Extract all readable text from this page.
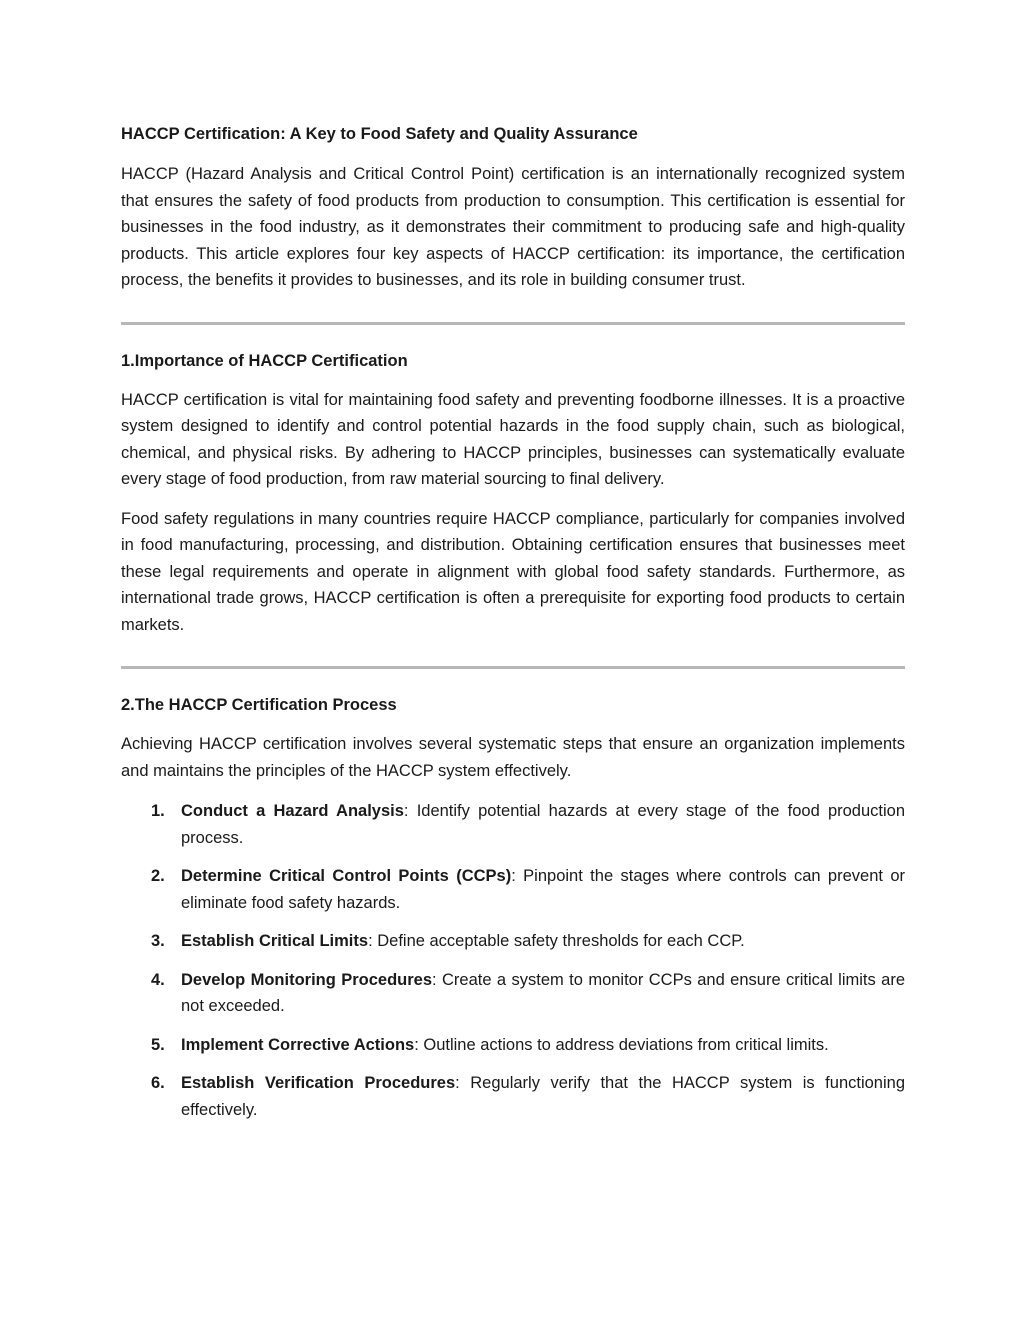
HACCP Certification: A Key to Food Safety and Quality Assurance

HACCP (Hazard Analysis and Critical Control Point) certification is an internationally recognized system that ensures the safety of food products from production to consumption. This certification is essential for businesses in the food industry, as it demonstrates their commitment to producing safe and high-quality products. This article explores four key aspects of HACCP certification: its importance, the certification process, the benefits it provides to businesses, and its role in building consumer trust.

1.Importance of HACCP Certification

HACCP certification is vital for maintaining food safety and preventing foodborne illnesses. It is a proactive system designed to identify and control potential hazards in the food supply chain, such as biological, chemical, and physical risks. By adhering to HACCP principles, businesses can systematically evaluate every stage of food production, from raw material sourcing to final delivery.

Food safety regulations in many countries require HACCP compliance, particularly for companies involved in food manufacturing, processing, and distribution. Obtaining certification ensures that businesses meet these legal requirements and operate in alignment with global food safety standards. Furthermore, as international trade grows, HACCP certification is often a prerequisite for exporting food products to certain markets.

2.The HACCP Certification Process

Achieving HACCP certification involves several systematic steps that ensure an organization implements and maintains the principles of the HACCP system effectively.

1. Conduct a Hazard Analysis: Identify potential hazards at every stage of the food production process.
2. Determine Critical Control Points (CCPs): Pinpoint the stages where controls can prevent or eliminate food safety hazards.
3. Establish Critical Limits: Define acceptable safety thresholds for each CCP.
4. Develop Monitoring Procedures: Create a system to monitor CCPs and ensure critical limits are not exceeded.
5. Implement Corrective Actions: Outline actions to address deviations from critical limits.
6. Establish Verification Procedures: Regularly verify that the HACCP system is functioning effectively.
